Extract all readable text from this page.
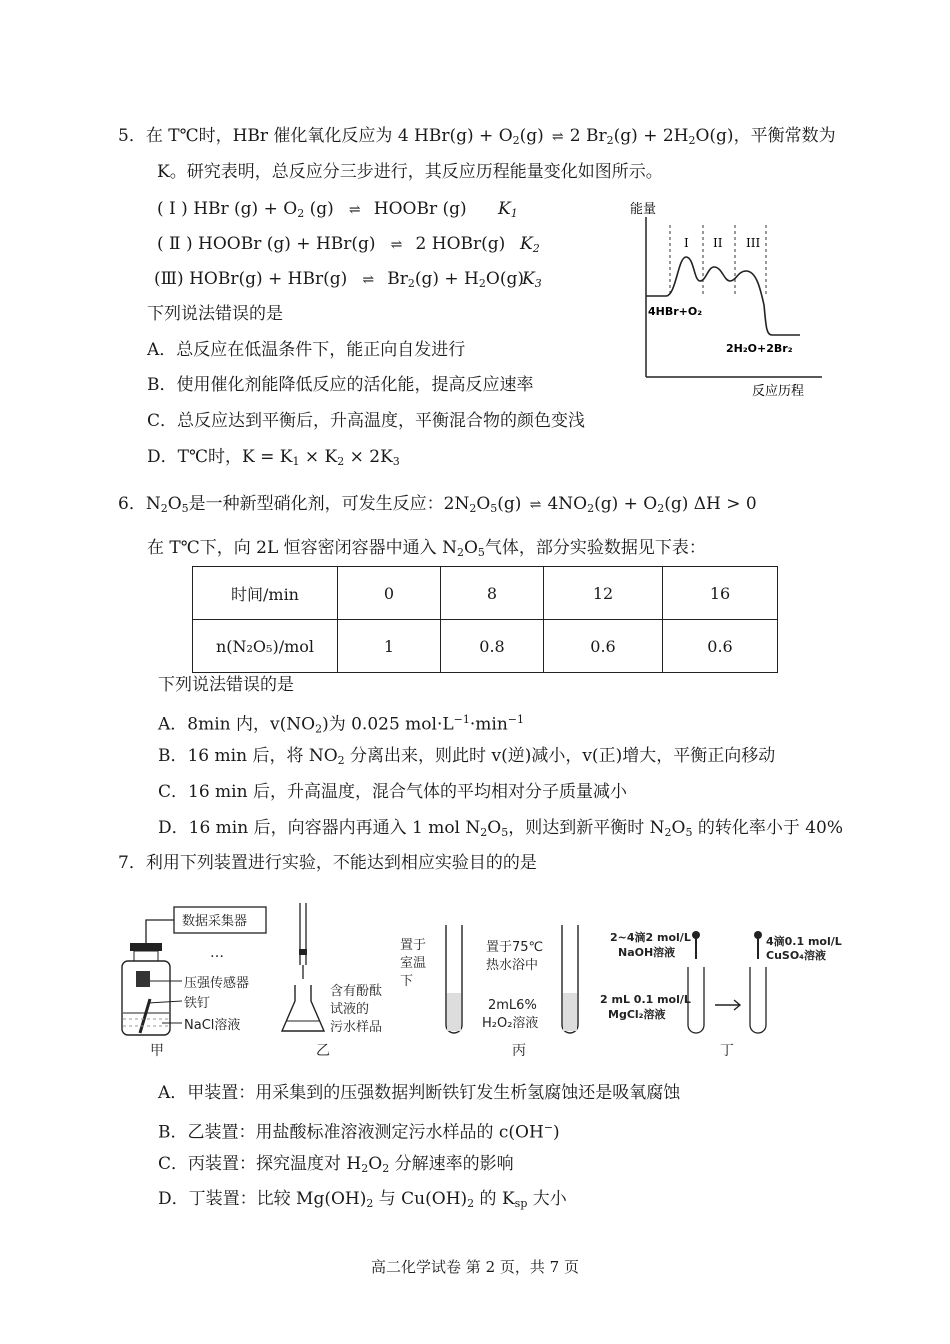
5．在 T℃时，HBr 催化氧化反应为 4 $HBr(g) + O_2(g)$ ⇌ 2 $Br_2(g) + 2H_2O(g)$，平衡常数为
K。研究表明，总反应分三步进行，其反应历程能量变化如图所示。
( Ⅰ ) HBr $(g) + O_2$ (g) ⇌ HOOBr (g) $K_1$
( Ⅱ ) HOOBr (g) + HBr(g) ⇌ 2 HOBr(g) $K_2$
(Ⅲ) HOBr(g) + HBr(g) ⇌ $Br_2(g) + H_2O(g)$
$K_3$
下列说法错误的是
A．总反应在低温条件下，能正向自发进行
B．使用催化剂能降低反应的活化能，提高反应速率
C．总反应达到平衡后，升高温度，平衡混合物的颜色变浅
D．T℃时，$K = K_1 \times K_2 \times 2K_3$
能量
I II III
4HBr+O₂
2H₂O+2Br₂
反应历程
6．$N_2O_5$是一种新型硝化剂，可发生反应：$2N_2O_5(g)$ ⇌ $4NO_2(g) + O_2(g) \Delta H > 0$
在 T℃下，向 2L 恒容密闭容器中通入 $N_2O_5$气体，部分实验数据见下表：
时间/min	0	8	12	16
n(N₂O₅)/mol	1	0.8	0.6	0.6
下列说法错误的是
A．8min 内，$v(NO_2)$为 0.025 $mol\cdot L^{-1}\cdot\min^{-1}$
B．16 min 后，将 $NO_2$ 分离出来，则此时 v(逆)减小，v(正)增大，平衡正向移动
C．16 min 后，升高温度，混合气体的平均相对分子质量减小
D．16 min 后，向容器内再通入 1 mol $N_2O_5$，则达到新平衡时 $N_2O_5$ 的转化率小于 40%
7．利用下列装置进行实验，不能达到相应实验目的的是
数据采集器
…
压强传感器
铁钉
NaCl溶液
甲
含有酚酞
试液的
污水样品
乙
置于
室温
下
置于75℃
热水浴中
2mL6%
H₂O₂溶液
丙
2~4滴2 mol/L
NaOH溶液
2 mL 0.1 mol/L
MgCl₂溶液
4滴0.1 mol/L
CuSO₄溶液
丁
A．甲装置：用采集到的压强数据判断铁钉发生析氢腐蚀还是吸氧腐蚀
B．乙装置：用盐酸标准溶液测定污水样品的 c(OH−)
C．丙装置：探究温度对 $H_2O_2$ 分解速率的影响
D．丁装置：比较 $Mg(OH)_2$ 与 $Cu(OH)_2$ 的 $K_{sp}$ 大小
高二化学试卷 第 2 页，共 7 页
